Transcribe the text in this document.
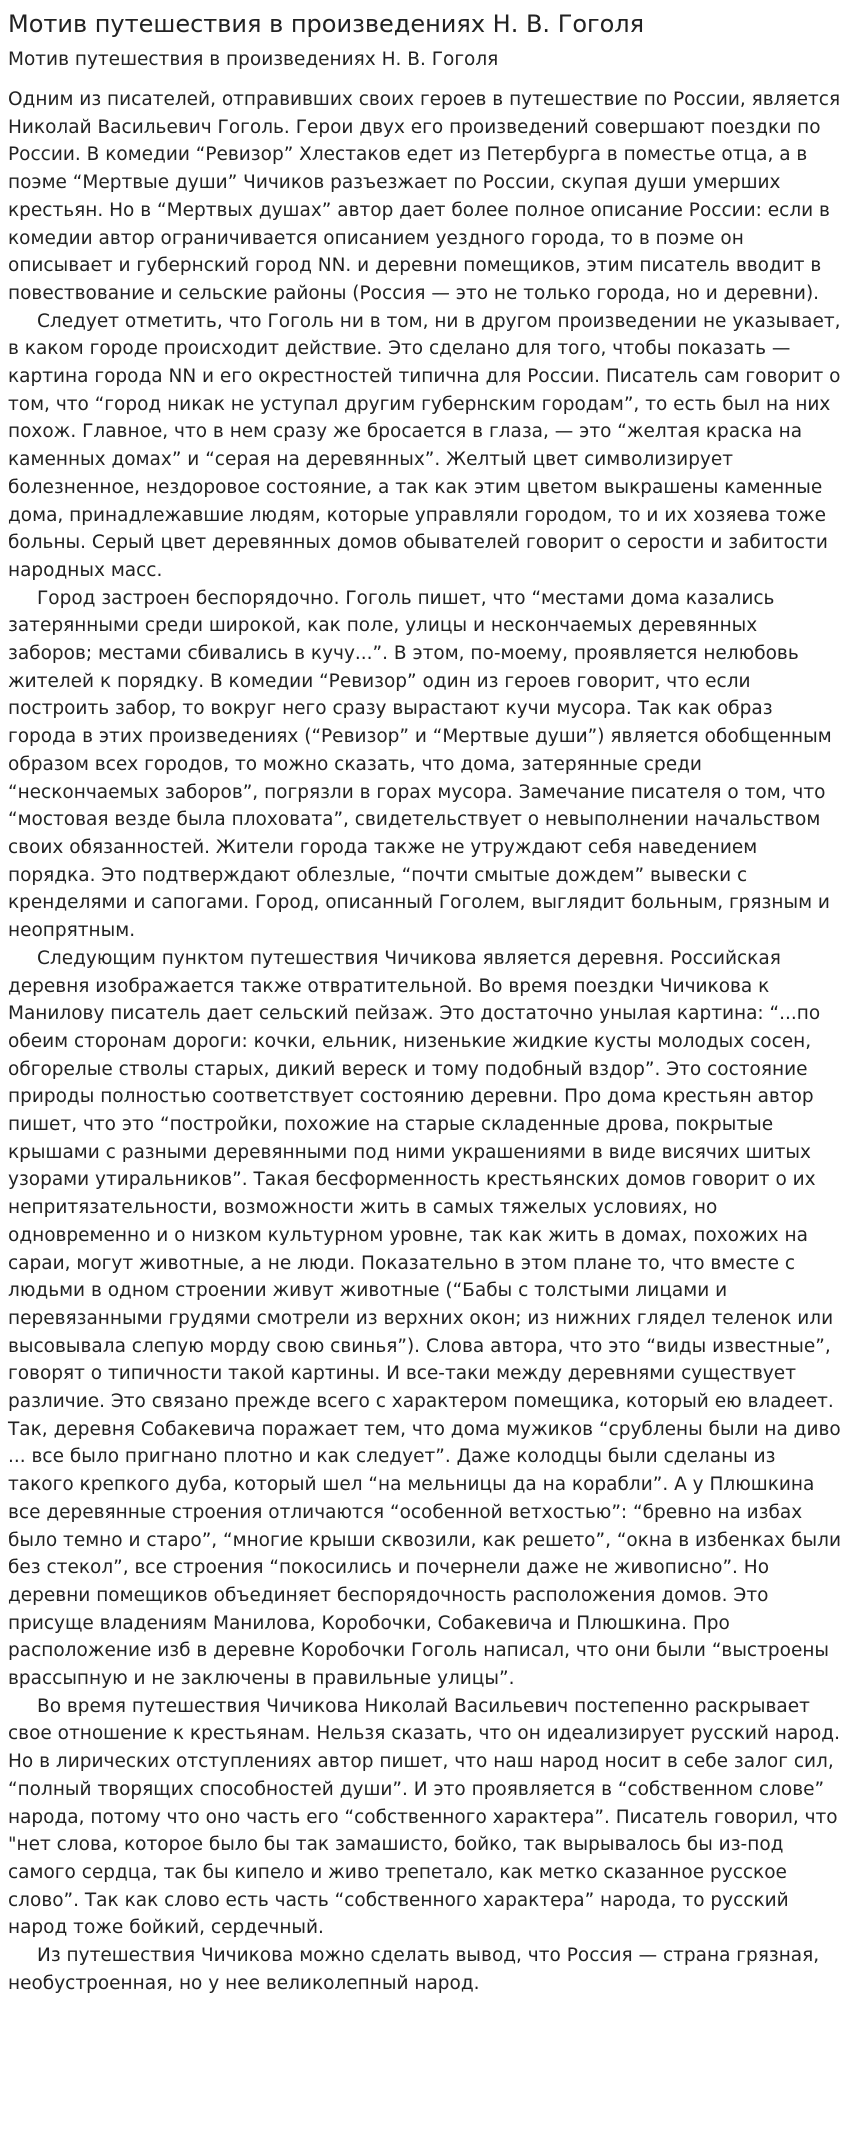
Мотив путешествия в произведениях Н. В. Гоголя
Мотив путешествия в произведениях Н. В. Гоголя

Одним из писателей, отправивших своих героев в путешествие по России, является Николай Васильевич Гоголь. Герои двух его произведений совершают поездки по России. В комедии “Ревизор” Хлестаков едет из Петербурга в поместье отца, а в поэме “Мертвые души” Чичиков разъезжает по России, скупая души умерших крестьян. Но в “Мертвых душах” автор дает более полное описание России: если в комедии автор ограничивается описанием уездного города, то в поэме он описывает и губернский город NN. и деревни помещиков, этим писатель вводит в повествование и сельские районы (Россия — это не только города, но и деревни).

Следует отметить, что Гоголь ни в том, ни в другом произведении не указывает, в каком городе происходит действие. Это сделано для того, чтобы показать — картина города NN и его окрестностей типична для России. Писатель сам говорит о том, что “город никак не уступал другим губернским городам”, то есть был на них похож. Главное, что в нем сразу же бросается в глаза, — это “желтая краска на каменных домах” и “серая на деревянных”. Желтый цвет символизирует болезненное, нездоровое состояние, а так как этим цветом выкрашены каменные дома, принадлежавшие людям, которые управляли городом, то и их хозяева тоже больны. Серый цвет деревянных домов обывателей говорит о серости и забитости народных масс.

Город застроен беспорядочно. Гоголь пишет, что “местами дома казались затерянными среди широкой, как поле, улицы и нескончаемых деревянных заборов; местами сбивались в кучу...”. В этом, по-моему, проявляется нелюбовь жителей к порядку. В комедии “Ревизор” один из героев говорит, что если построить забор, то вокруг него сразу вырастают кучи мусора. Так как образ города в этих произведениях (“Ревизор” и “Мертвые души”) является обобщенным образом всех городов, то можно сказать, что дома, затерянные среди “нескончаемых заборов”, погрязли в горах мусора. Замечание писателя о том, что “мостовая везде была плоховата”, свидетельствует о невыполнении начальством своих обязанностей. Жители города также не утруждают себя наведением порядка. Это подтверждают облезлые, “почти смытые дождем” вывески с кренделями и сапогами. Город, описанный Гоголем, выглядит больным, грязным и неопрятным.

Следующим пунктом путешествия Чичикова является деревня. Российская деревня изображается также отвратительной. Во время поездки Чичикова к Манилову писатель дает сельский пейзаж. Это достаточно унылая картина: “...по обеим сторонам дороги: кочки, ельник, низенькие жидкие кусты молодых сосен, обгорелые стволы старых, дикий вереск и тому подобный вздор”. Это состояние природы полностью соответствует состоянию деревни. Про дома крестьян автор пишет, что это “постройки, похожие на старые складенные дрова, покрытые крышами с разными деревянными под ними украшениями в виде висячих шитых узорами утиральников”. Такая бесформенность крестьянских домов говорит о их непритязательности, возможности жить в самых тяжелых условиях, но одновременно и о низком культурном уровне, так как жить в домах, похожих на сараи, могут животные, а не люди. Показательно в этом плане то, что вместе с людьми в одном строении живут животные (“Бабы с толстыми лицами и перевязанными грудями смотрели из верхних окон; из нижних глядел теленок или высовывала слепую морду свою свинья”). Слова автора, что это “виды известные”, говорят о типичности такой картины. И все-таки между деревнями существует различие. Это связано прежде всего с характером помещика, который ею владеет. Так, деревня Собакевича поражает тем, что дома мужиков “срублены были на диво ... все было пригнано плотно и как следует”. Даже колодцы были сделаны из такого крепкого дуба, который шел “на мельницы да на корабли”. А у Плюшкина все деревянные строения отличаются “особенной ветхостью”: “бревно на избах было темно и старо”, “многие крыши сквозили, как решето”, “окна в избенках были без стекол”, все строения “покосились и почернели даже не живописно”. Но деревни помещиков объединяет беспорядочность расположения домов. Это присуще владениям Манилова, Коробочки, Собакевича и Плюшкина. Про расположение изб в деревне Коробочки Гоголь написал, что они были “выстроены врассыпную и не заключены в правильные улицы”.

Во время путешествия Чичикова Николай Васильевич постепенно раскрывает свое отношение к крестьянам. Нельзя сказать, что он идеализирует русский народ. Но в лирических отступлениях автор пишет, что наш народ носит в себе залог сил, “полный творящих способностей души”. И это проявляется в “собственном слове” народа, потому что оно часть его “собственного характера”. Писатель говорил, что "нет слова, которое было бы так замашисто, бойко, так вырывалось бы из-под самого сердца, так бы кипело и живо трепетало, как метко сказанное русское слово”. Так как слово есть часть “собственного характера” народа, то русский народ тоже бойкий, сердечный.

Из путешествия Чичикова можно сделать вывод, что Россия — страна грязная, необустроенная, но у нее великолепный народ.
